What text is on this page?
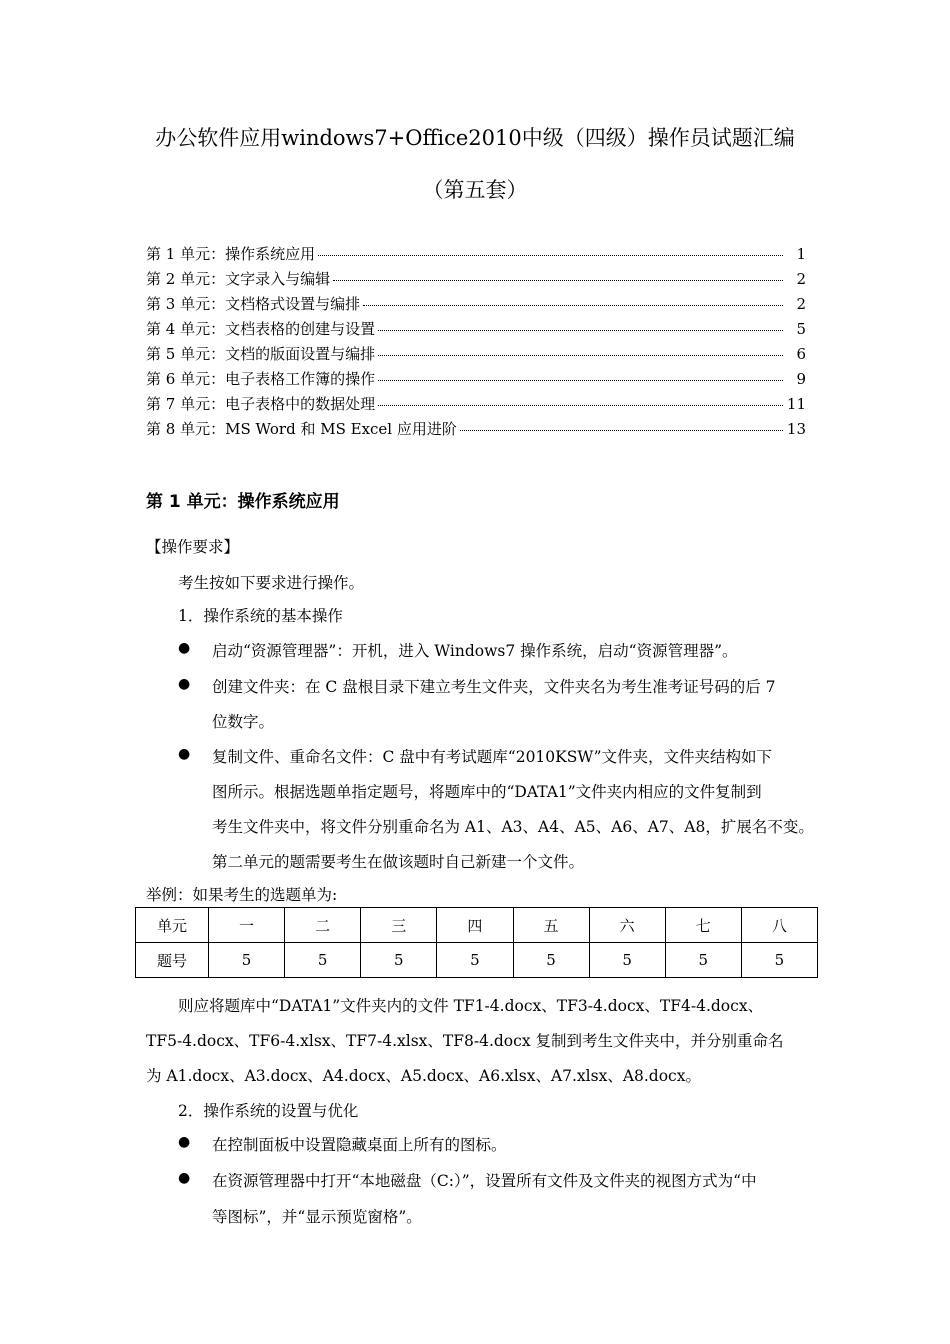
办公软件应用windows7+Office2010中级（四级）操作员试题汇编
（第五套）
第 1 单元：操作系统应用	1
第 2 单元：文字录入与编辑	2
第 3 单元：文档格式设置与编排	2
第 4 单元：文档表格的创建与设置	5
第 5 单元：文档的版面设置与编排	6
第 6 单元：电子表格工作簿的操作	9
第 7 单元：电子表格中的数据处理	11
第 8 单元：MS Word 和 MS Excel 应用进阶	13
第 1 单元：操作系统应用
【操作要求】
考生按如下要求进行操作。
1．操作系统的基本操作
● 启动“资源管理器”：开机，进入 Windows7 操作系统，启动“资源管理器”。
● 创建文件夹：在 C 盘根目录下建立考生文件夹，文件夹名为考生准考证号码的后 7
位数字。
● 复制文件、重命名文件：C 盘中有考试题库“2010KSW”文件夹，文件夹结构如下
图所示。根据选题单指定题号，将题库中的“DATA1”文件夹内相应的文件复制到
考生文件夹中，将文件分别重命名为 A1、A3、A4、A5、A6、A7、A8，扩展名不变。
第二单元的题需要考生在做该题时自己新建一个文件。
举例：如果考生的选题单为:
单元	一	二	三	四	五	六	七	八
题号	5	5	5	5	5	5	5	5
则应将题库中“DATA1”文件夹内的文件 TF1-4.docx、TF3-4.docx、TF4-4.docx、
TF5-4.docx、TF6-4.xlsx、TF7-4.xlsx、TF8-4.docx 复制到考生文件夹中，并分别重命名
为 A1.docx、A3.docx、A4.docx、A5.docx、A6.xlsx、A7.xlsx、A8.docx。
2．操作系统的设置与优化
● 在控制面板中设置隐藏桌面上所有的图标。
● 在资源管理器中打开“本地磁盘（C:）”，设置所有文件及文件夹的视图方式为“中
等图标”，并“显示预览窗格”。
